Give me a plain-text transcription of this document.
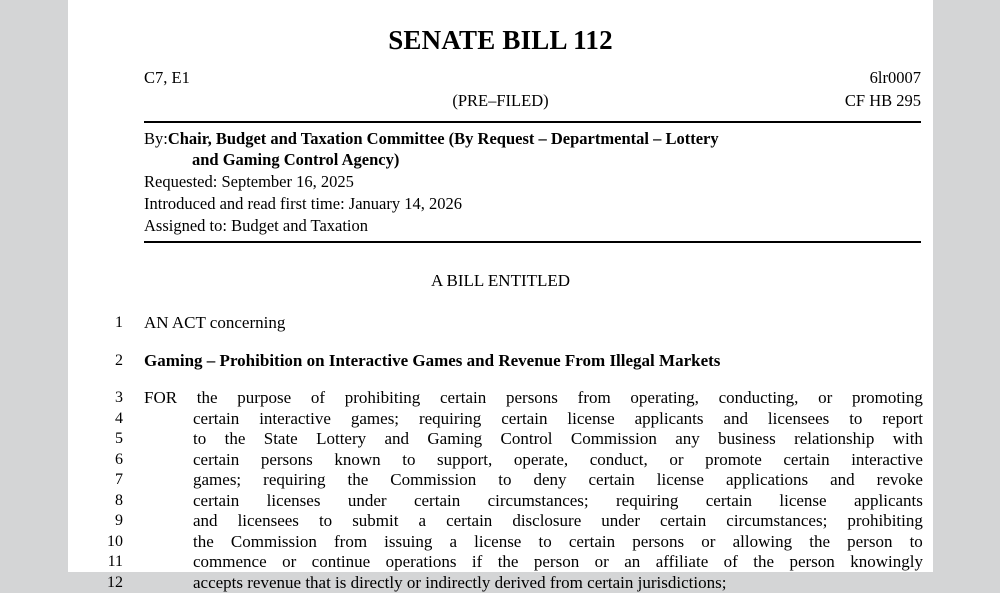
SENATE BILL 112
C7, E1	6lr0007
(PRE–FILED)	CF HB 295
By:Chair, Budget and Taxation Committee (By Request – Departmental – Lottery
and Gaming Control Agency)
Requested: September 16, 2025
Introduced and read first time: January 14, 2026
Assigned to: Budget and Taxation
A BILL ENTITLED
1 AN ACT concerning
2 Gaming – Prohibition on Interactive Games and Revenue From Illegal Markets
3 FOR the purpose of prohibiting certain persons from operating, conducting, or promoting
4	certain interactive games; requiring certain license applicants and licensees to report
5	to the State Lottery and Gaming Control Commission any business relationship with
6	certain persons known to support, operate, conduct, or promote certain interactive
7	games; requiring the Commission to deny certain license applications and revoke
8	certain licenses under certain circumstances; requiring certain license applicants
9	and licensees to submit a certain disclosure under certain circumstances; prohibiting
10	the Commission from issuing a license to certain persons or allowing the person to
11	commence or continue operations if the person or an affiliate of the person knowingly
12	accepts revenue that is directly or indirectly derived from certain jurisdictions;
